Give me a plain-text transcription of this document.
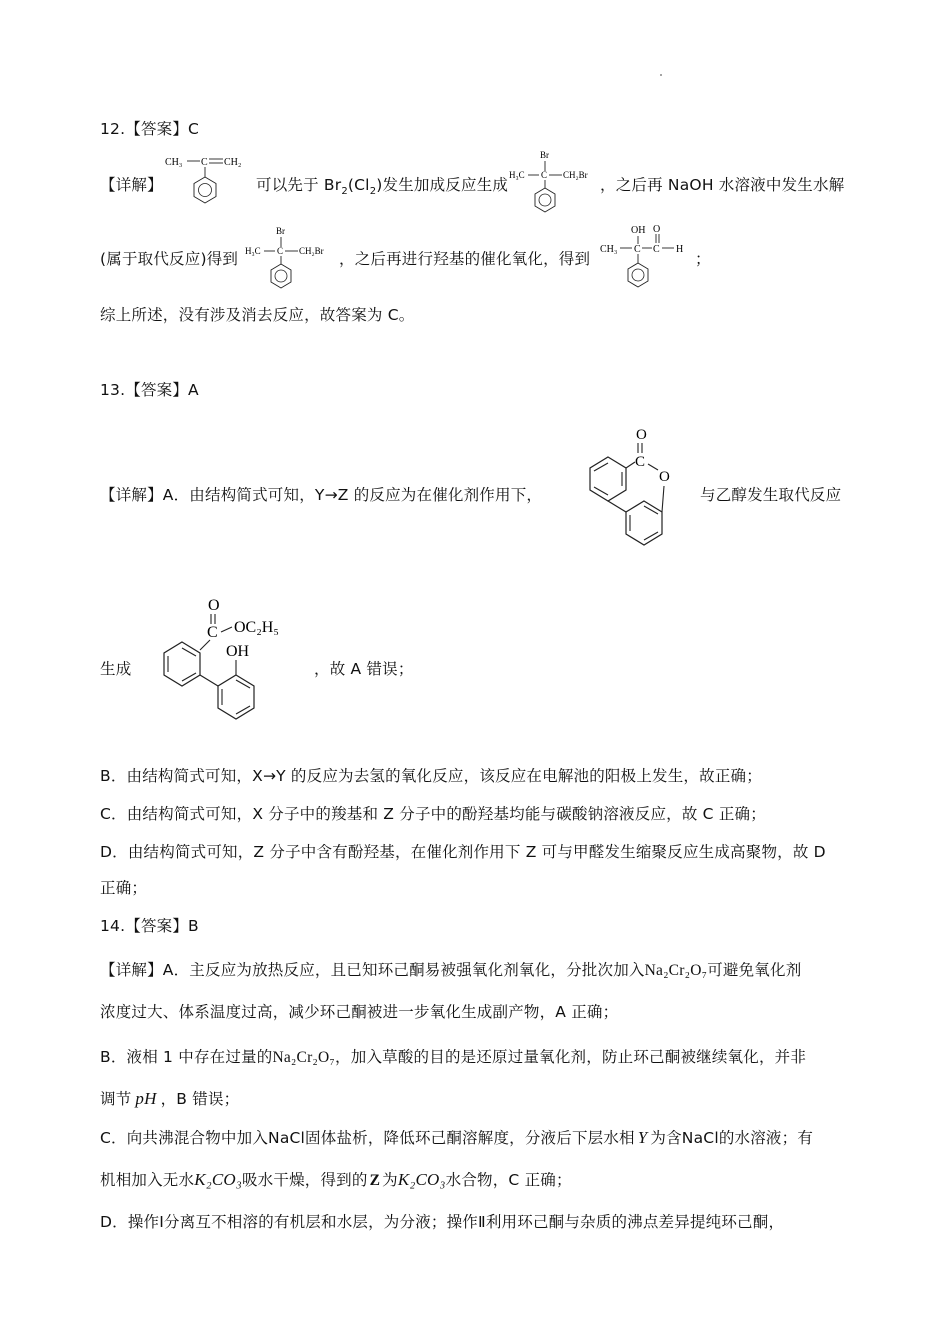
12.【答案】C
【详解】
CH₃ C CH₂
可以先于 $Br_2(Cl_2)$发生加成反应生成
Br
H₃C C CH₂Br
，之后再 NaOH 水溶液中发生水解
(属于取代反应)得到
Br
H₃C C CH₂Br ，之后再进行羟基的催化氧化，得到
OH
CH₃ C C
O
H
；
综上所述，没有涉及消去反应，故答案为 C。
13.【答案】A
【详解】A．由结构简式可知，Y→Z 的反应为在催化剂作用下，
O
C
O
与乙醇发生取代反应
生成
O
C OC₂H₅
OH
，故 A 错误；
B．由结构简式可知，X→Y 的反应为去氢的氧化反应，该反应在电解池的阳极上发生，故正确；
C．由结构简式可知，X 分子中的羧基和 Z 分子中的酚羟基均能与碳酸钠溶液反应，故 C 正确；
D．由结构简式可知，Z 分子中含有酚羟基，在催化剂作用下 Z 可与甲醛发生缩聚反应生成高聚物，故 D
正确；
14.【答案】B
【详解】A．主反应为放热反应，且已知环己酮易被强氧化剂氧化，分批次加入Na₂Cr₂O₇可避免氧化剂
浓度过大、体系温度过高，减少环己酮被进一步氧化生成副产物，A 正确；
B．液相 1 中存在过量的Na₂Cr₂O₇，加入草酸的目的是还原过量氧化剂，防止环己酮被继续氧化，并非
调节 pH ，B 错误；
C．向共沸混合物中加入NaCl固体盐析，降低环己酮溶解度，分液后下层水相 Y 为含NaCl的水溶液；有
机相加入无水K₂CO₃吸水干燥，得到的 Z 为K₂CO₃水合物，C 正确；
D．操作Ⅰ分离互不相溶的有机层和水层，为分液；操作Ⅱ利用环己酮与杂质的沸点差异提纯环己酮，
